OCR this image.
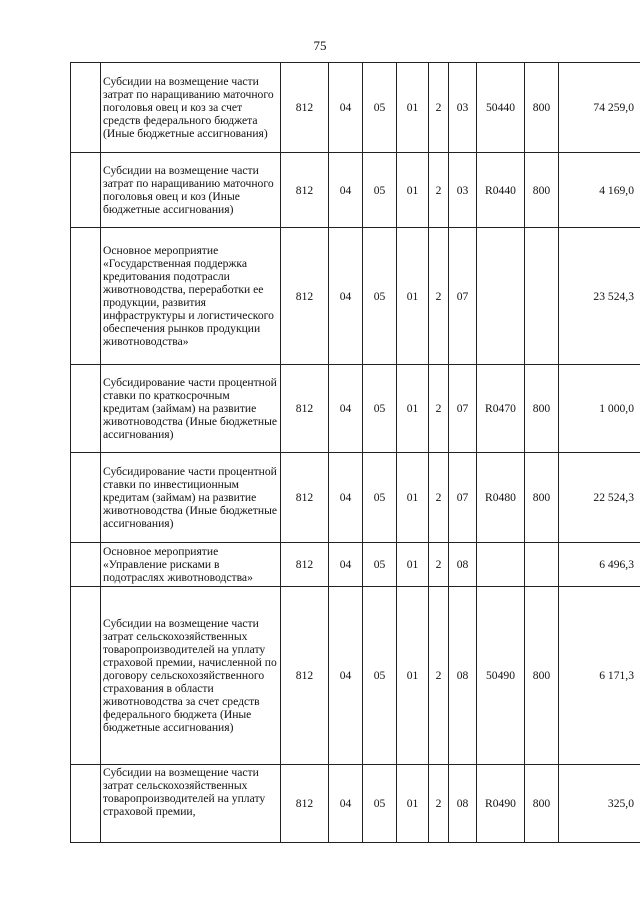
75
	Субсидии на возмещение части затрат по наращиванию маточного поголовья овец и коз за счет средств федерального бюджета (Иные бюджетные ассигнования)	812	04	05	01	2	03	50440	800	74 259,0
	Субсидии на возмещение части затрат по наращиванию маточного поголовья овец и коз (Иные бюджетные ассигнования)	812	04	05	01	2	03	R0440	800	4 169,0
	Основное мероприятие «Государственная поддержка кредитования подотрасли животноводства, переработки ее продукции, развития инфраструктуры и логистического обеспечения рынков продукции животноводства»	812	04	05	01	2	07			23 524,3
	Субсидирование части процентной ставки по краткосрочным кредитам (займам) на развитие животноводства (Иные бюджетные ассигнования)	812	04	05	01	2	07	R0470	800	1 000,0
	Субсидирование части процентной ставки по инвестиционным кредитам (займам) на развитие животноводства (Иные бюджетные ассигнования)	812	04	05	01	2	07	R0480	800	22 524,3
	Основное мероприятие «Управление рисками в подотраслях животноводства»	812	04	05	01	2	08			6 496,3
	Субсидии на возмещение части затрат сельскохозяйственных товаропроизводителей на уплату страховой премии, начисленной по договору сельскохозяйственного страхования в области животноводства за счет средств федерального бюджета (Иные бюджетные ассигнования)	812	04	05	01	2	08	50490	800	6 171,3
	Субсидии на возмещение части затрат сельскохозяйственных товаропроизводителей на уплату страховой премии,	812	04	05	01	2	08	R0490	800	325,0
